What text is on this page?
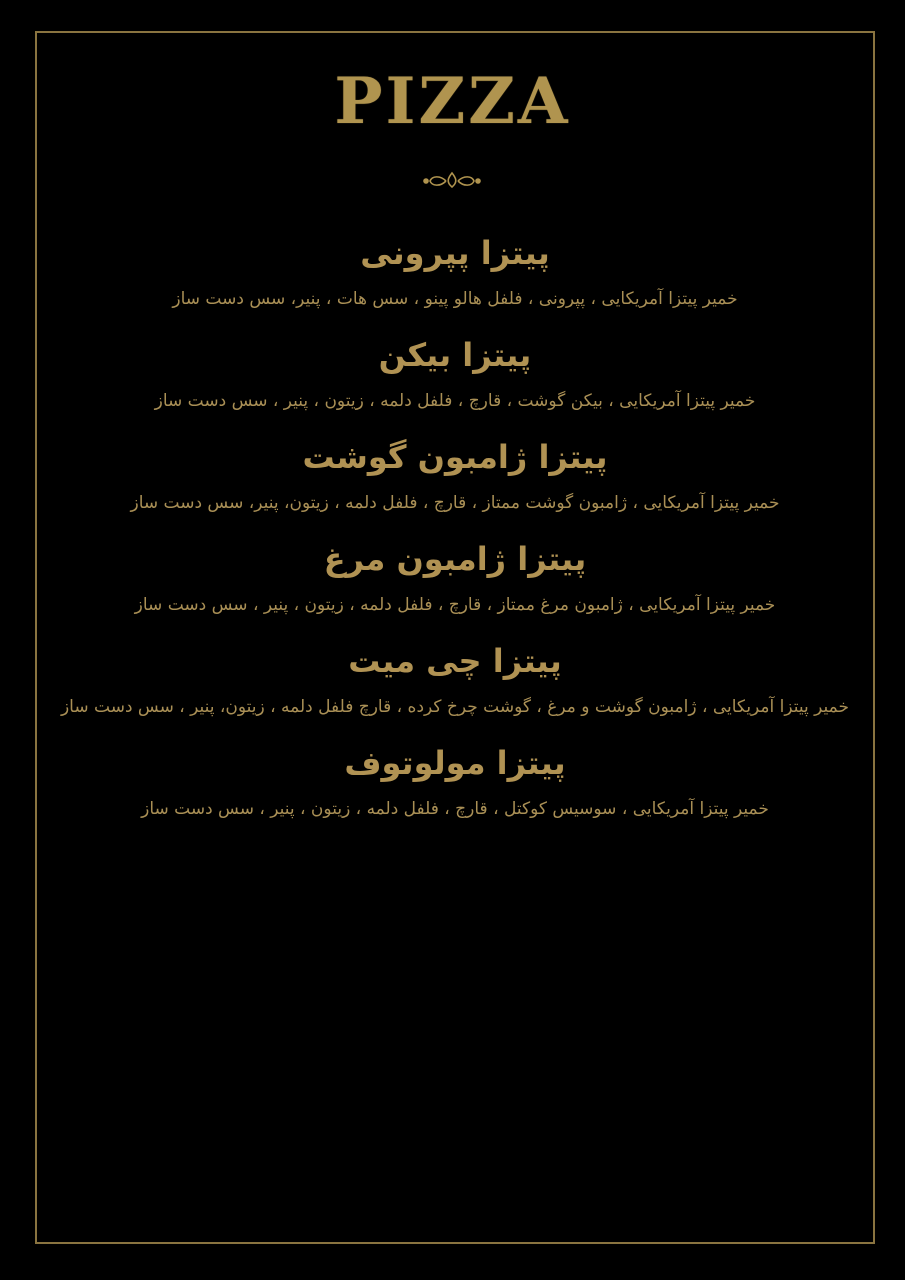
PIZZA
پیتزا پپرونی
خمیر پیتزا آمریکایی ، پپرونی ، فلفل هالو پینو ، سس هات ، پنیر، سس دست ساز
پیتزا بیکن
خمیر پیتزا آمریکایی ، بیکن گوشت ، قارچ ، فلفل دلمه ، زیتون ، پنیر ، سس دست ساز
پیتزا ژامبون گوشت
خمیر پیتزا آمریکایی ، ژامبون گوشت ممتاز ، قارچ ، فلفل دلمه ، زیتون، پنیر، سس دست ساز
پیتزا ژامبون مرغ
خمیر پیتزا آمریکایی ، ژامبون مرغ ممتاز ، قارچ ، فلفل دلمه ، زیتون ، پنیر ، سس دست ساز
پیتزا چی میت
خمیر پیتزا آمریکایی ، ژامبون گوشت و مرغ ، گوشت چرخ کرده ، قارچ فلفل دلمه ، زیتون، پنیر ، سس دست ساز
پیتزا مولوتوف
خمیر پیتزا آمریکایی ، سوسیس کوکتل ، قارچ ، فلفل دلمه ، زیتون ، پنیر ، سس دست ساز
